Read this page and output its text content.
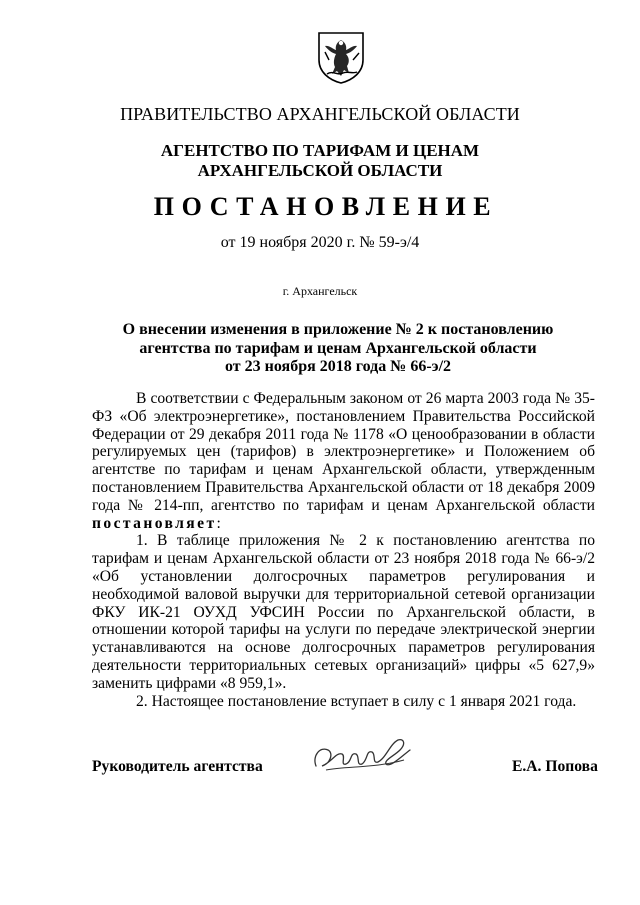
ПРАВИТЕЛЬСТВО АРХАНГЕЛЬСКОЙ ОБЛАСТИ
АГЕНТСТВО ПО ТАРИФАМ И ЦЕНАМ
АРХАНГЕЛЬСКОЙ ОБЛАСТИ
ПОСТАНОВЛЕНИЕ
от 19 ноября 2020 г. № 59-э/4
г. Архангельск
О внесении изменения в приложение № 2 к постановлению
агентства по тарифам и ценам Архангельской области
от 23 ноября 2018 года № 66-э/2

В соответствии с Федеральным законом от 26 марта 2003 года № 35-ФЗ «Об электроэнергетике», постановлением Правительства Российской Федерации от 29 декабря 2011 года № 1178 «О ценообразовании в области регулируемых цен (тарифов) в электроэнергетике» и Положением об агентстве по тарифам и ценам Архангельской области, утвержденным постановлением Правительства Архангельской области от 18 декабря 2009 года № 214-пп, агентство по тарифам и ценам Архангельской области постановляет:

1. В таблице приложения № 2 к постановлению агентства по тарифам и ценам Архангельской области от 23 ноября 2018 года № 66-э/2 «Об установлении долгосрочных параметров регулирования и необходимой валовой выручки для территориальной сетевой организации ФКУ ИК-21 ОУХД УФСИН России по Архангельской области, в отношении которой тарифы на услуги по передаче электрической энергии устанавливаются на основе долгосрочных параметров регулирования деятельности территориальных сетевых организаций» цифры «5 627,9» заменить цифрами «8 959,1».

2. Настоящее постановление вступает в силу с 1 января 2021 года.

Руководитель агентства	Е.А. Попова
